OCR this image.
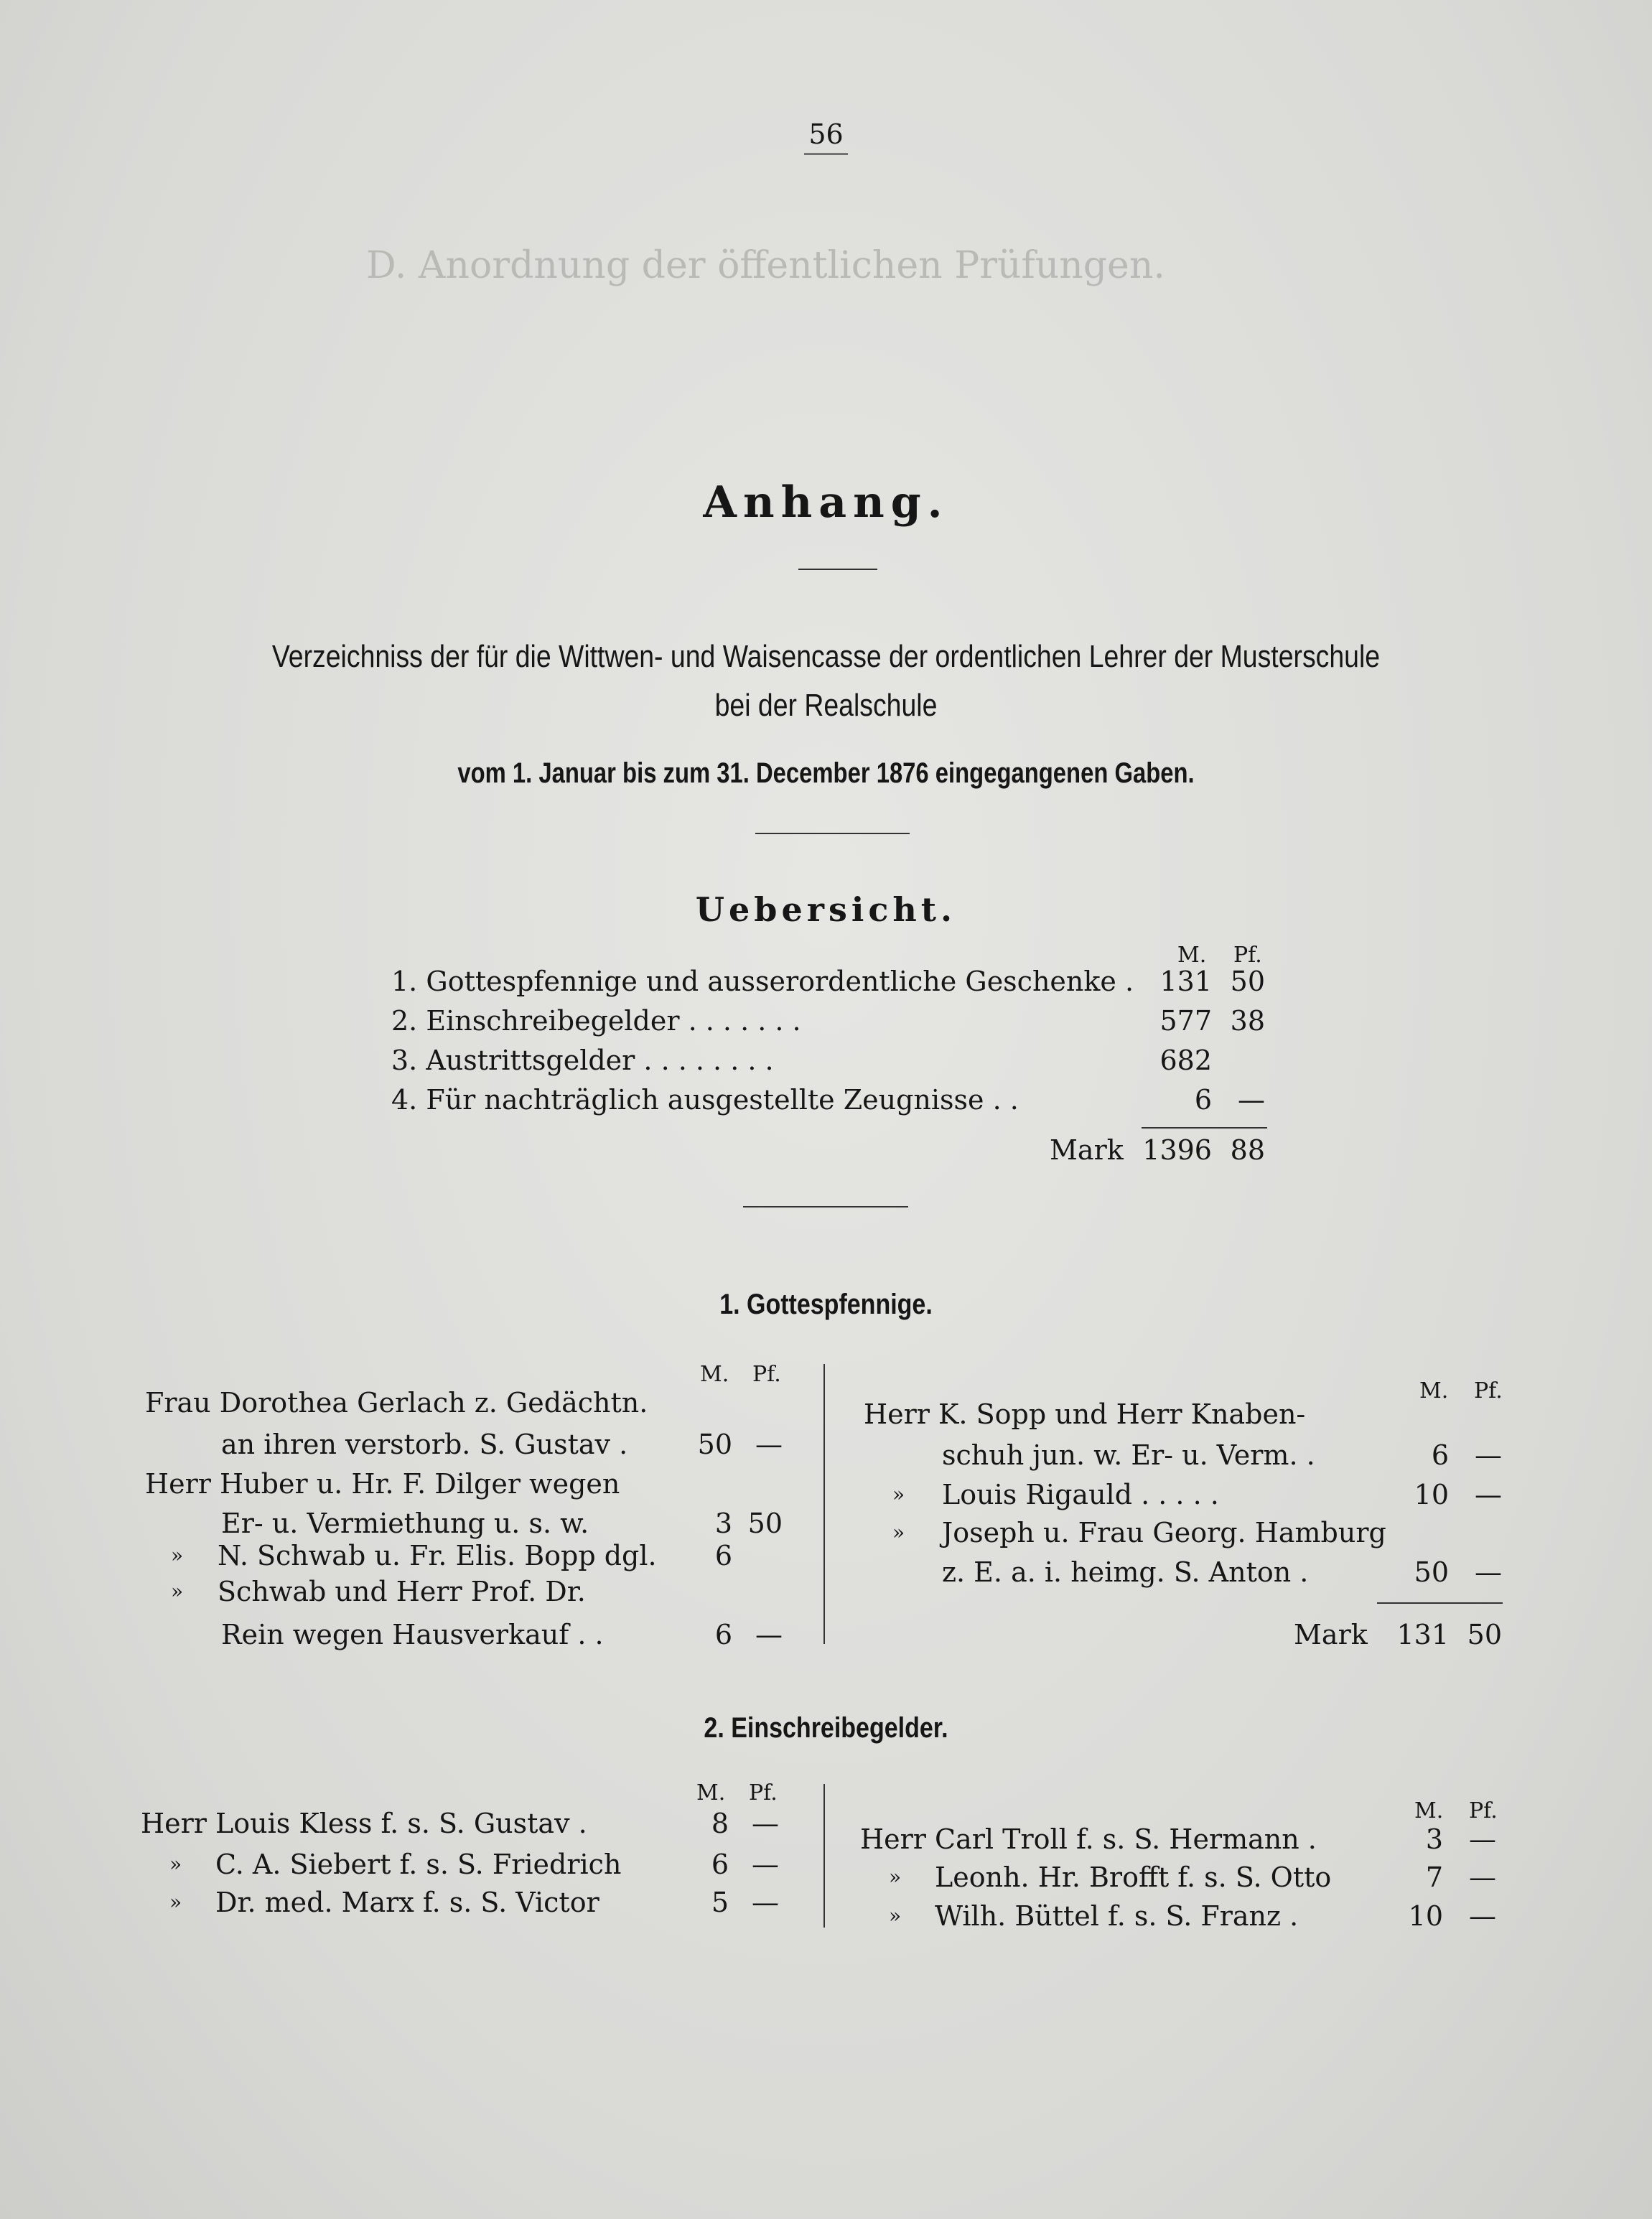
D. Anordnung der öffentlichen Prüfungen.
56
Anhang.
Verzeichniss der für die Wittwen- und Waisencasse der ordentlichen Lehrer der Musterschule
bei der Realschule
vom 1. Januar bis zum 31. December 1876 eingegangenen Gaben.
Uebersicht.
M. Pf.
1. Gottespfennige und ausserordentliche Geschenke . 131 50
2. Einschreibegelder . . . . . . .	577 38
3. Austrittsgelder . . . . . . . .	682
4. Für nachträglich ausgestellte Zeugnisse . .	6 —
Mark 1396 88
1. Gottespfennige.
M. Pf.
M. Pf.
Frau Dorothea Gerlach z. Gedächtn.
an ihren verstorb. S. Gustav .	50 —
Herr Huber u. Hr. F. Dilger wegen
Er- u. Vermiethung u. s. w.	3 50
» N. Schwab u. Fr. Elis. Bopp dgl.	6
» Schwab und Herr Prof. Dr.
Rein wegen Hausverkauf . .	6 —
Herr K. Sopp und Herr Knaben-
schuh jun. w. Er- u. Verm. .	6 —
» Louis Rigauld . . . . .	10 —
» Joseph u. Frau Georg. Hamburg
z. E. a. i. heimg. S. Anton .	50 —
Mark	131 50
2. Einschreibegelder.
M. Pf.
M. Pf.
Herr Louis Kless f. s. S. Gustav .	8 —
» C. A. Siebert f. s. S. Friedrich	6 —
» Dr. med. Marx f. s. S. Victor	5 —
Herr Carl Troll f. s. S. Hermann .	3 —
» Leonh. Hr. Brofft f. s. S. Otto	7 —
» Wilh. Büttel f. s. S. Franz .	10 —
